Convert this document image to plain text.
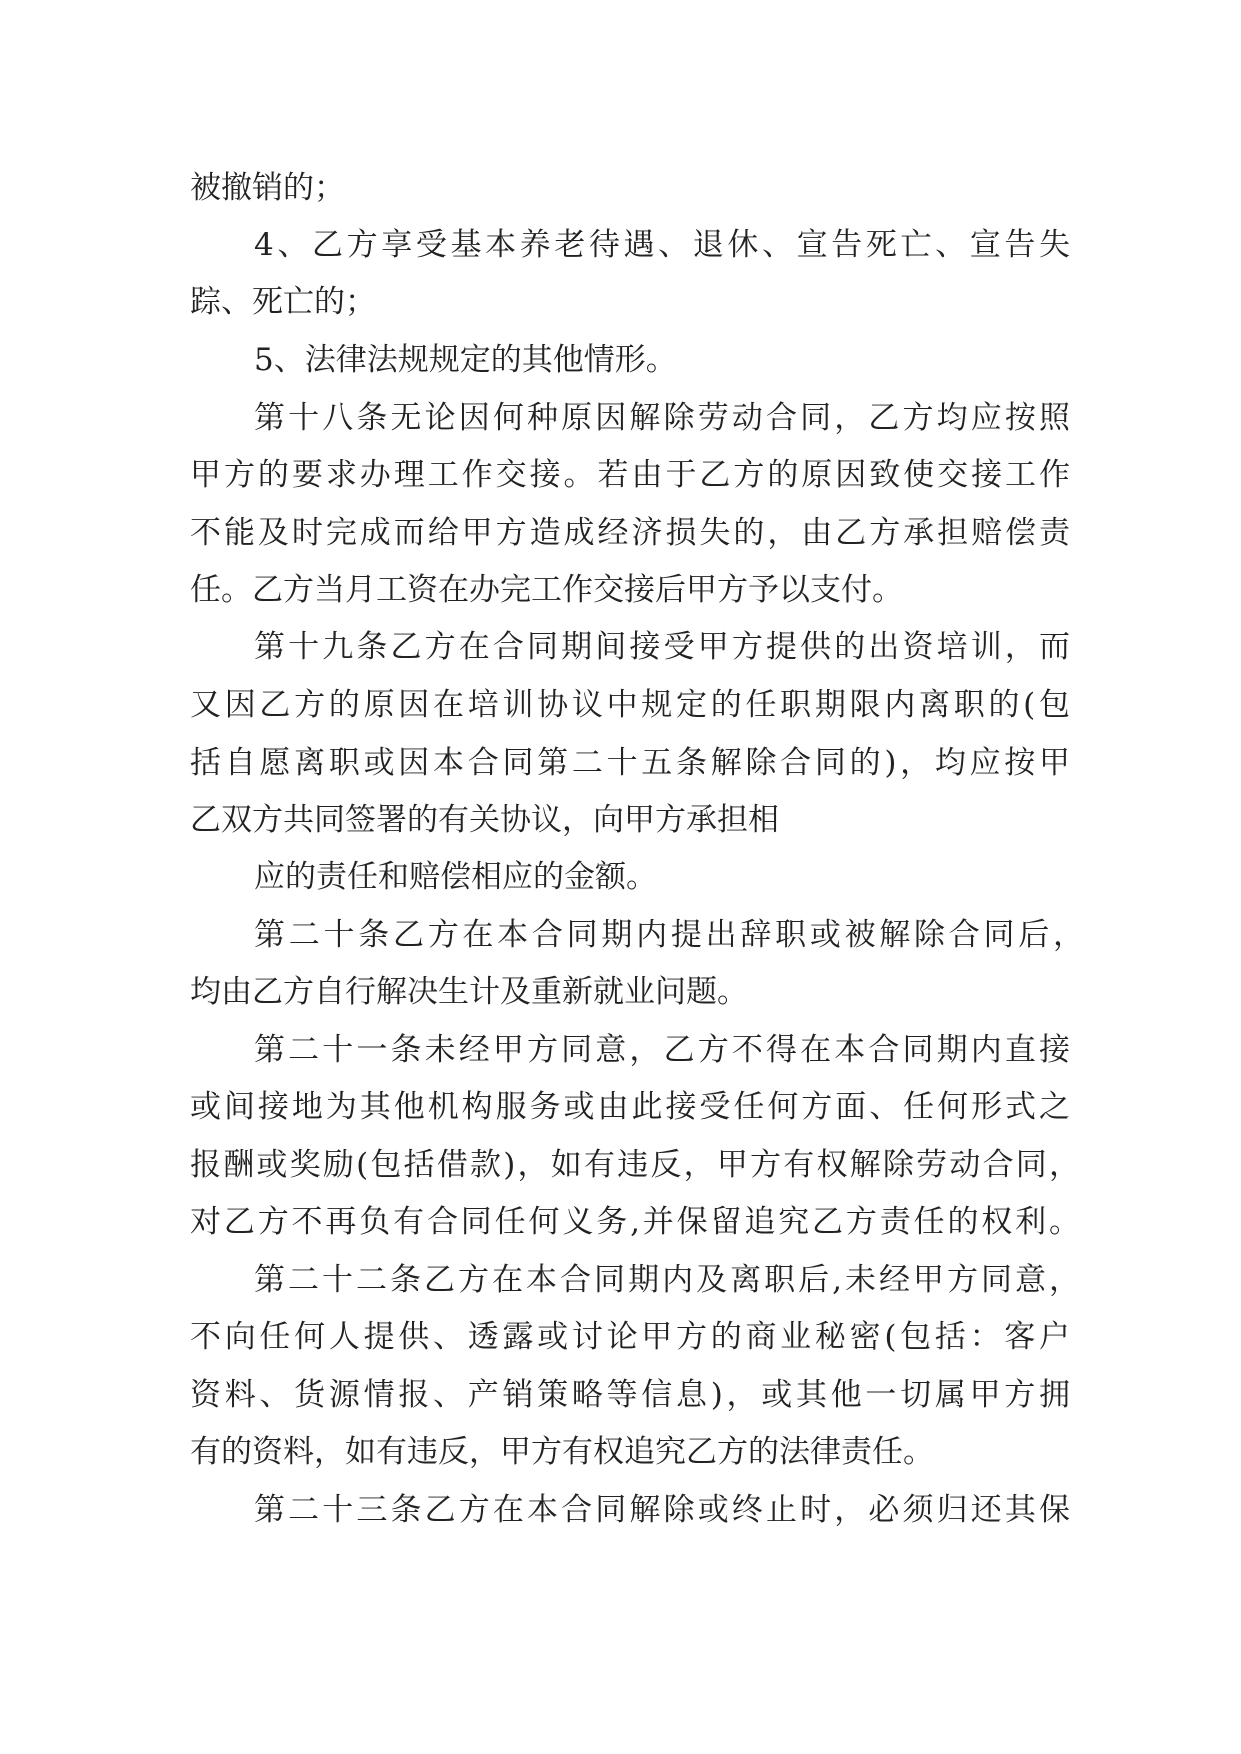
被撤销的；
4、乙方享受基本养老待遇、退休、宣告死亡、宣告失
踪、死亡的；
5、法律法规规定的其他情形。
第十八条无论因何种原因解除劳动合同，乙方均应按照
甲方的要求办理工作交接。若由于乙方的原因致使交接工作
不能及时完成而给甲方造成经济损失的，由乙方承担赔偿责
任。乙方当月工资在办完工作交接后甲方予以支付。
第十九条乙方在合同期间接受甲方提供的出资培训，而
又因乙方的原因在培训协议中规定的任职期限内离职的(包
括自愿离职或因本合同第二十五条解除合同的)，均应按甲
乙双方共同签署的有关协议，向甲方承担相
应的责任和赔偿相应的金额。
第二十条乙方在本合同期内提出辞职或被解除合同后，
均由乙方自行解决生计及重新就业问题。
第二十一条未经甲方同意，乙方不得在本合同期内直接
或间接地为其他机构服务或由此接受任何方面、任何形式之
报酬或奖励(包括借款)，如有违反，甲方有权解除劳动合同，
对乙方不再负有合同任何义务,并保留追究乙方责任的权利。
第二十二条乙方在本合同期内及离职后,未经甲方同意，
不向任何人提供、透露或讨论甲方的商业秘密(包括：客户
资料、货源情报、产销策略等信息)，或其他一切属甲方拥
有的资料，如有违反，甲方有权追究乙方的法律责任。
第二十三条乙方在本合同解除或终止时，必须归还其保
